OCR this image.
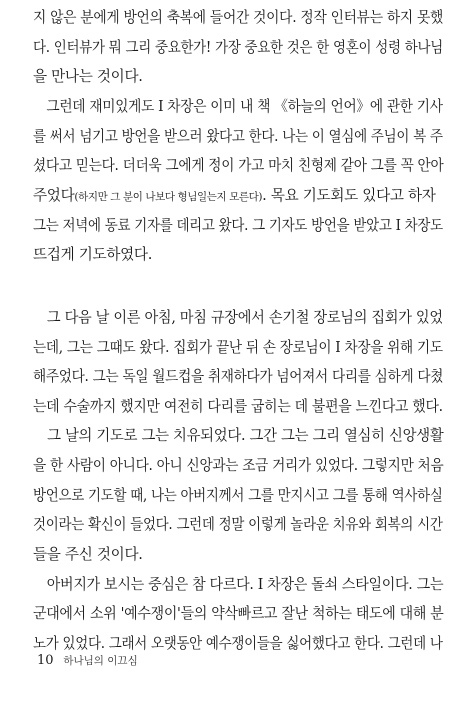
지 않은 분에게 방언의 축복에 들어간 것이다. 정작 인터뷰는 하지 못했
다. 인터뷰가 뭐 그리 중요한가! 가장 중요한 것은 한 영혼이 성령 하나님
을 만나는 것이다.
　그런데 재미있게도 I 차장은 이미 내 책 《하늘의 언어》에 관한 기사
를 써서 넘기고 방언을 받으러 왔다고 한다. 나는 이 열심에 주님이 복 주
셨다고 믿는다. 더더욱 그에게 정이 가고 마치 친형제 같아 그를 꼭 안아
주었다(하지만 그 분이 나보다 형님일는지 모른다). 목요 기도회도 있다고 하자
그는 저녁에 동료 기자를 데리고 왔다. 그 기자도 방언을 받았고 I 차장도
뜨겁게 기도하였다.
　그 다음 날 이른 아침, 마침 규장에서 손기철 장로님의 집회가 있었
는데, 그는 그때도 왔다. 집회가 끝난 뒤 손 장로님이 I 차장을 위해 기도
해주었다. 그는 독일 월드컵을 취재하다가 넘어져서 다리를 심하게 다쳤
는데 수술까지 했지만 여전히 다리를 굽히는 데 불편을 느낀다고 했다.
　그 날의 기도로 그는 치유되었다. 그간 그는 그리 열심히 신앙생활
을 한 사람이 아니다. 아니 신앙과는 조금 거리가 있었다. 그렇지만 처음
방언으로 기도할 때, 나는 아버지께서 그를 만지시고 그를 통해 역사하실
것이라는 확신이 들었다. 그런데 정말 이렇게 놀라운 치유와 회복의 시간
들을 주신 것이다.
　아버지가 보시는 중심은 참 다르다. I 차장은 돌쇠 스타일이다. 그는
군대에서 소위 '예수쟁이'들의 약삭빠르고 잘난 척하는 태도에 대해 분
노가 있었다. 그래서 오랫동안 예수쟁이들을 싫어했다고 한다. 그런데 나
10 하나님의 이끄심
